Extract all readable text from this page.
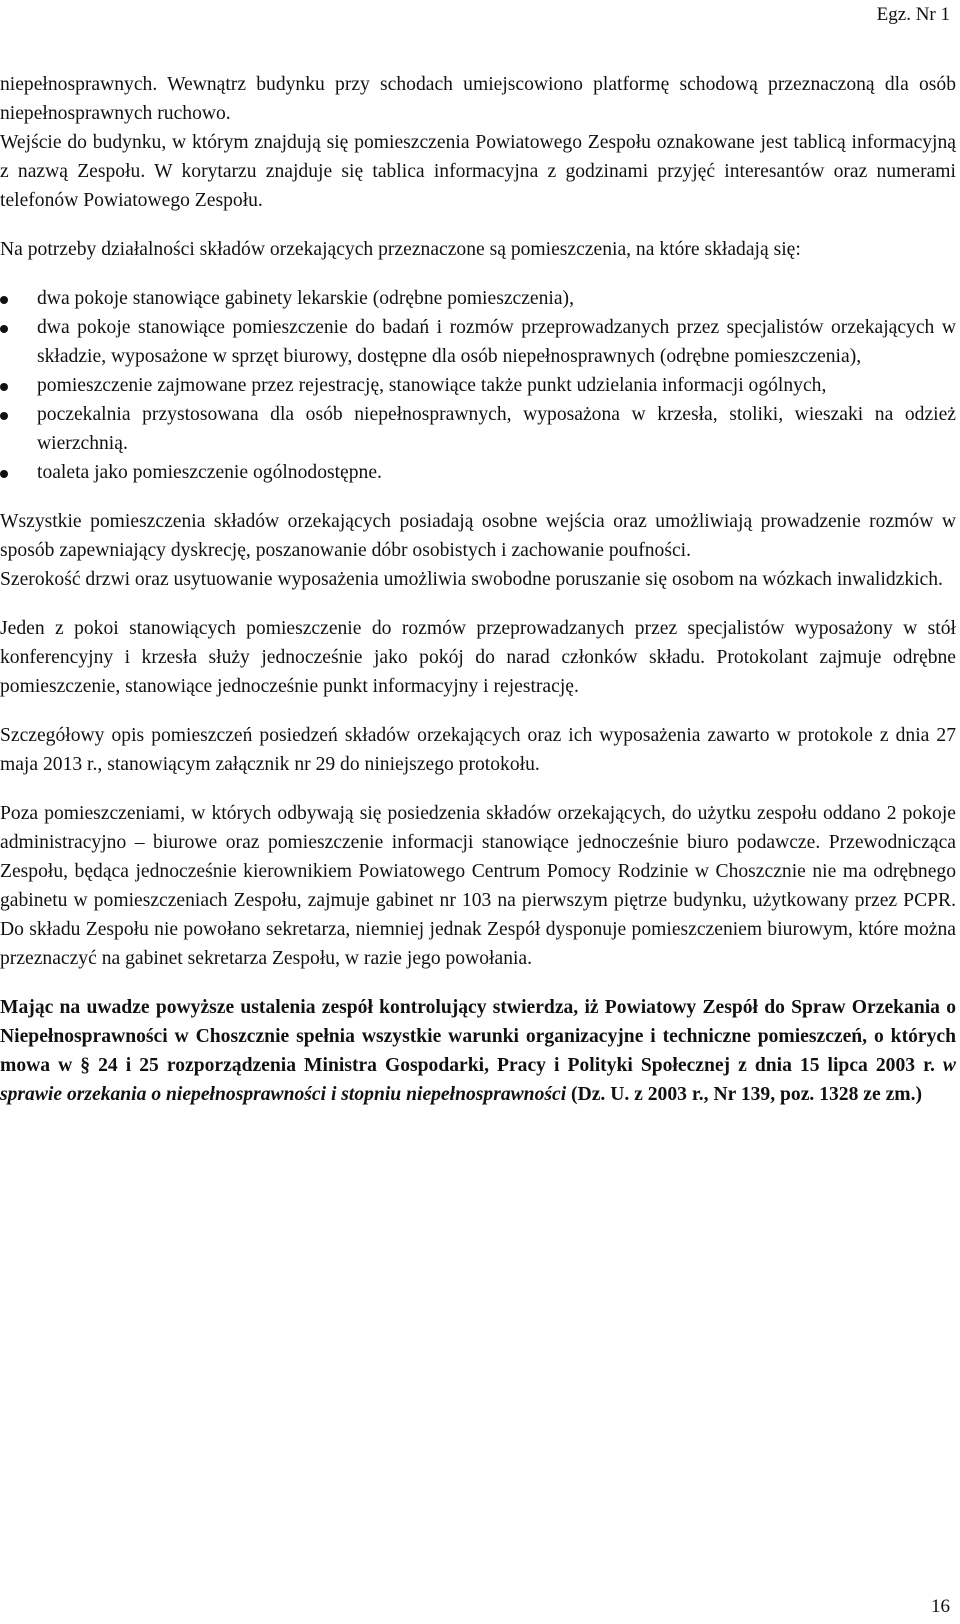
Egz. Nr 1

niepełnosprawnych. Wewnątrz budynku przy schodach umiejscowiono platformę schodową przeznaczoną dla osób niepełnosprawnych ruchowo.

Wejście do budynku, w którym znajdują się pomieszczenia Powiatowego Zespołu oznakowane jest tablicą informacyjną z nazwą Zespołu. W korytarzu znajduje się tablica informacyjna z godzinami przyjęć interesantów oraz numerami telefonów Powiatowego Zespołu.

Na potrzeby działalności składów orzekających przeznaczone są pomieszczenia, na które składają się:

dwa pokoje stanowiące gabinety lekarskie (odrębne pomieszczenia),
dwa pokoje stanowiące pomieszczenie do badań i rozmów przeprowadzanych przez specjalistów orzekających w składzie, wyposażone w sprzęt biurowy, dostępne dla osób niepełnosprawnych (odrębne pomieszczenia),
pomieszczenie zajmowane przez rejestrację, stanowiące także punkt udzielania informacji ogólnych,
poczekalnia przystosowana dla osób niepełnosprawnych, wyposażona w krzesła, stoliki, wieszaki na odzież wierzchnią.
toaleta jako pomieszczenie ogólnodostępne.

Wszystkie pomieszczenia składów orzekających posiadają osobne wejścia oraz umożliwiają prowadzenie rozmów w sposób zapewniający dyskrecję, poszanowanie dóbr osobistych i zachowanie poufności.

Szerokość drzwi oraz usytuowanie wyposażenia umożliwia swobodne poruszanie się osobom na wózkach inwalidzkich.

Jeden z pokoi stanowiących pomieszczenie do rozmów przeprowadzanych przez specjalistów wyposażony w stół konferencyjny i krzesła służy jednocześnie jako pokój do narad członków składu. Protokolant zajmuje odrębne pomieszczenie, stanowiące jednocześnie punkt informacyjny i rejestrację.

Szczegółowy opis pomieszczeń posiedzeń składów orzekających oraz ich wyposażenia zawarto w protokole z dnia 27 maja 2013 r., stanowiącym załącznik nr 29 do niniejszego protokołu.

Poza pomieszczeniami, w których odbywają się posiedzenia składów orzekających, do użytku zespołu oddano 2 pokoje administracyjno – biurowe oraz pomieszczenie informacji stanowiące jednocześnie biuro podawcze. Przewodnicząca Zespołu, będąca jednocześnie kierownikiem Powiatowego Centrum Pomocy Rodzinie w Choszcznie nie ma odrębnego gabinetu w pomieszczeniach Zespołu, zajmuje gabinet nr 103 na pierwszym piętrze budynku, użytkowany przez PCPR. Do składu Zespołu nie powołano sekretarza, niemniej jednak Zespół dysponuje pomieszczeniem biurowym, które można przeznaczyć na gabinet sekretarza Zespołu, w razie jego powołania.

Mając na uwadze powyższe ustalenia zespół kontrolujący stwierdza, iż Powiatowy Zespół do Spraw Orzekania o Niepełnosprawności w Choszcznie spełnia wszystkie warunki organizacyjne i techniczne pomieszczeń, o których mowa w § 24 i 25 rozporządzenia Ministra Gospodarki, Pracy i Polityki Społecznej z dnia 15 lipca 2003 r. w sprawie orzekania o niepełnosprawności i stopniu niepełnosprawności (Dz. U. z 2003 r., Nr 139, poz. 1328 ze zm.)

16
